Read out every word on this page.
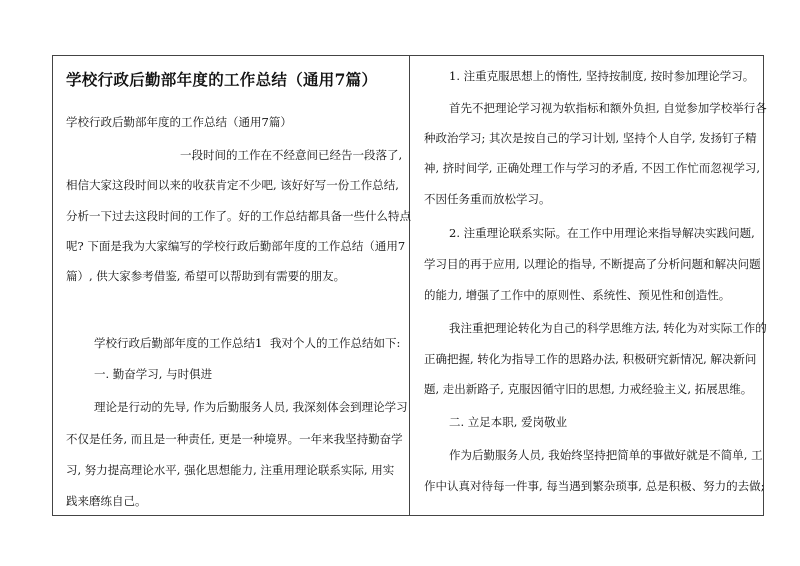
学校行政后勤部年度的工作总结（通用7篇）
学校行政后勤部年度的工作总结（通用7篇）
一段时间的工作在不经意间已经告一段落了,
相信大家这段时间以来的收获肯定不少吧, 该好好写一份工作总结,
分析一下过去这段时间的工作了。好的工作总结都具备一些什么特点
呢? 下面是我为大家编写的学校行政后勤部年度的工作总结（通用7
篇）, 供大家参考借鉴, 希望可以帮助到有需要的朋友。
学校行政后勤部年度的工作总结1 我对个人的工作总结如下:
一. 勤奋学习, 与时俱进
理论是行动的先导, 作为后勤服务人员, 我深刻体会到理论学习
不仅是任务, 而且是一种责任, 更是一种境界。一年来我坚持勤奋学
习, 努力提高理论水平, 强化思想能力, 注重用理论联系实际, 用实
践来磨练自己。
1. 注重克服思想上的惰性, 坚持按制度, 按时参加理论学习。
首先不把理论学习视为软指标和额外负担, 自觉参加学校举行各
种政治学习; 其次是按自己的学习计划, 坚持个人自学, 发扬钉子精
神, 挤时间学, 正确处理工作与学习的矛盾, 不因工作忙而忽视学习,
不因任务重而放松学习。
2. 注重理论联系实际。在工作中用理论来指导解决实践问题,
学习目的再于应用, 以理论的指导, 不断提高了分析问题和解决问题
的能力, 增强了工作中的原则性、系统性、预见性和创造性。
我注重把理论转化为自己的科学思维方法, 转化为对实际工作的
正确把握, 转化为指导工作的思路办法, 积极研究新情况, 解决新问
题, 走出新路子, 克服因循守旧的思想, 力戒经验主义, 拓展思维。
二. 立足本职, 爱岗敬业
作为后勤服务人员, 我始终坚持把简单的事做好就是不简单, 工
作中认真对待每一件事, 每当遇到繁杂琐事, 总是积极、努力的去做;
